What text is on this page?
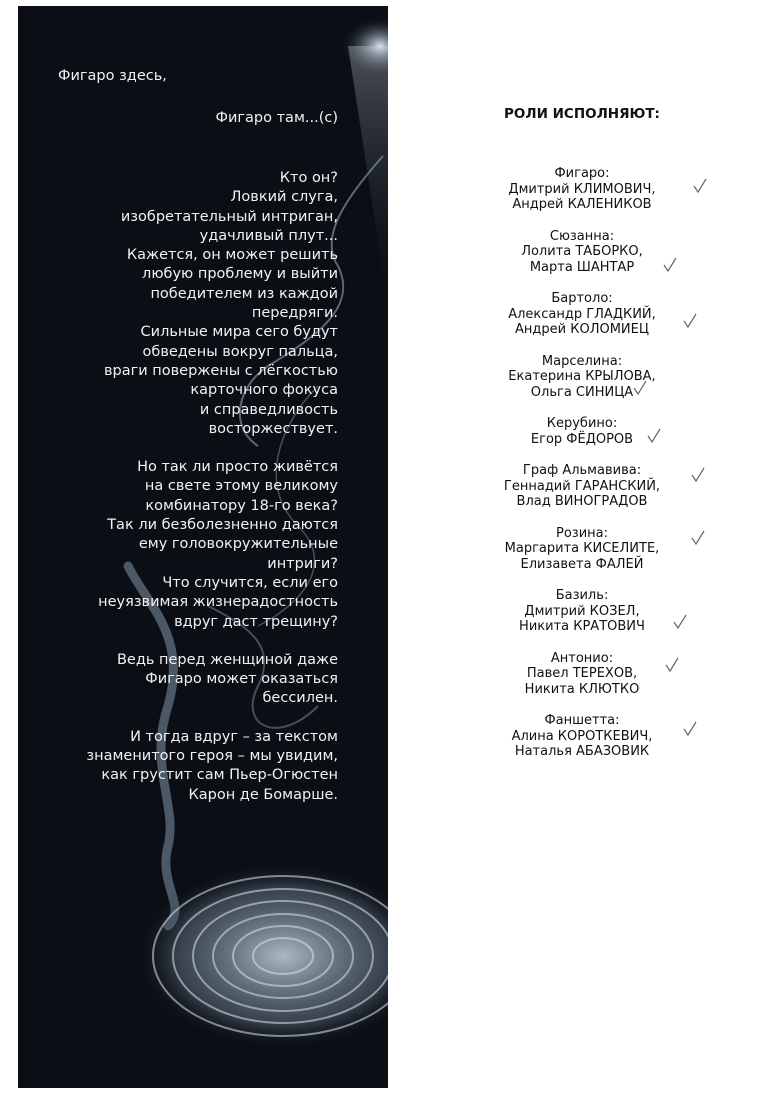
Фигаро здесь,
Фигаро там...(с)

Кто он?
Ловкий слуга,
изобретательный интриган,
удачливый плут...
Кажется, он может решить
любую проблему и выйти
победителем из каждой
передряги.
Сильные мира сего будут
обведены вокруг пальца,
враги повержены с лёгкостью
карточного фокуса
и справедливость
восторжествует.

Но так ли просто живётся
на свете этому великому
комбинатору 18-го века?
Так ли безболезненно даются
ему головокружительные
интриги?
Что случится, если его
неуязвимая жизнерадостность
вдруг даст трещину?

Ведь перед женщиной даже
Фигаро может оказаться
бессилен.

И тогда вдруг – за текстом
знаменитого героя – мы увидим,
как грустит сам Пьер-Огюстен
Карон де Бомарше.

РОЛИ ИСПОЛНЯЮТ:
Фигаро:
Дмитрий КЛИМОВИЧ,
Андрей КАЛЕНИКОВ
Сюзанна:
Лолита ТАБОРКО,
Марта ШАНТАР
Бартоло:
Александр ГЛАДКИЙ,
Андрей КОЛОМИЕЦ
Марселина:
Екатерина КРЫЛОВА,
Ольга СИНИЦА
Керубино:
Егор ФЁДОРОВ
Граф Альмавива:
Геннадий ГАРАНСКИЙ,
Влад ВИНОГРАДОВ
Розина:
Маргарита КИСЕЛИТЕ,
Елизавета ФАЛЕЙ
Базиль:
Дмитрий КОЗЕЛ,
Никита КРАТОВИЧ
Антонио:
Павел ТЕРЕХОВ,
Никита КЛЮТКО
Фаншетта:
Алина КОРОТКЕВИЧ,
Наталья АБАЗОВИК
